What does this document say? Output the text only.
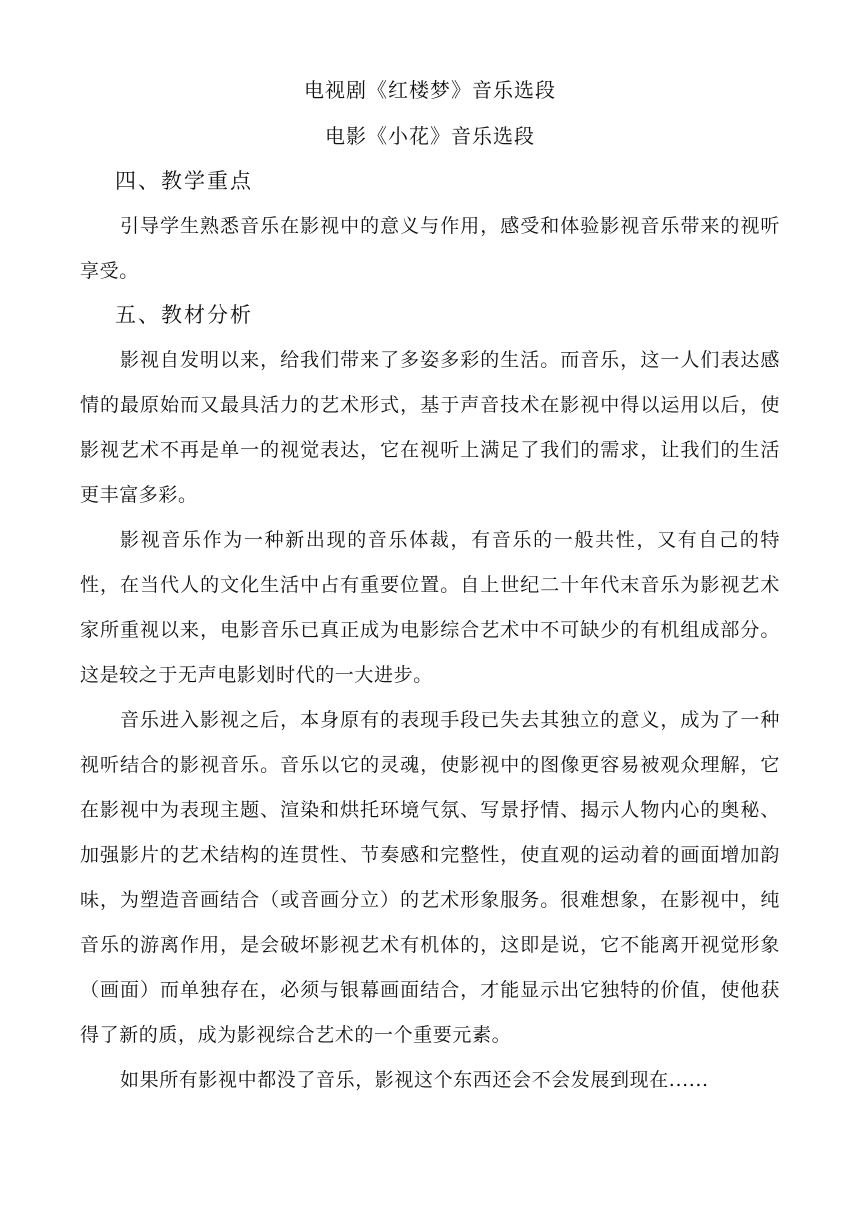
电视剧《红楼梦》音乐选段
电影《小花》音乐选段
四、教学重点

引导学生熟悉音乐在影视中的意义与作用，感受和体验影视音乐带来的视听享受。

五、教材分析

影视自发明以来，给我们带来了多姿多彩的生活。而音乐，这一人们表达感情的最原始而又最具活力的艺术形式，基于声音技术在影视中得以运用以后，使影视艺术不再是单一的视觉表达，它在视听上满足了我们的需求，让我们的生活更丰富多彩。

影视音乐作为一种新出现的音乐体裁，有音乐的一般共性，又有自己的特性，在当代人的文化生活中占有重要位置。自上世纪二十年代末音乐为影视艺术家所重视以来，电影音乐已真正成为电影综合艺术中不可缺少的有机组成部分。这是较之于无声电影划时代的一大进步。

音乐进入影视之后，本身原有的表现手段已失去其独立的意义，成为了一种视听结合的影视音乐。音乐以它的灵魂，使影视中的图像更容易被观众理解，它在影视中为表现主题、渲染和烘托环境气氛、写景抒情、揭示人物内心的奥秘、加强影片的艺术结构的连贯性、节奏感和完整性，使直观的运动着的画面增加韵味，为塑造音画结合（或音画分立）的艺术形象服务。很难想象，在影视中，纯音乐的游离作用，是会破坏影视艺术有机体的，这即是说，它不能离开视觉形象（画面）而单独存在，必须与银幕画面结合，才能显示出它独特的价值，使他获得了新的质，成为影视综合艺术的一个重要元素。

如果所有影视中都没了音乐，影视这个东西还会不会发展到现在......
